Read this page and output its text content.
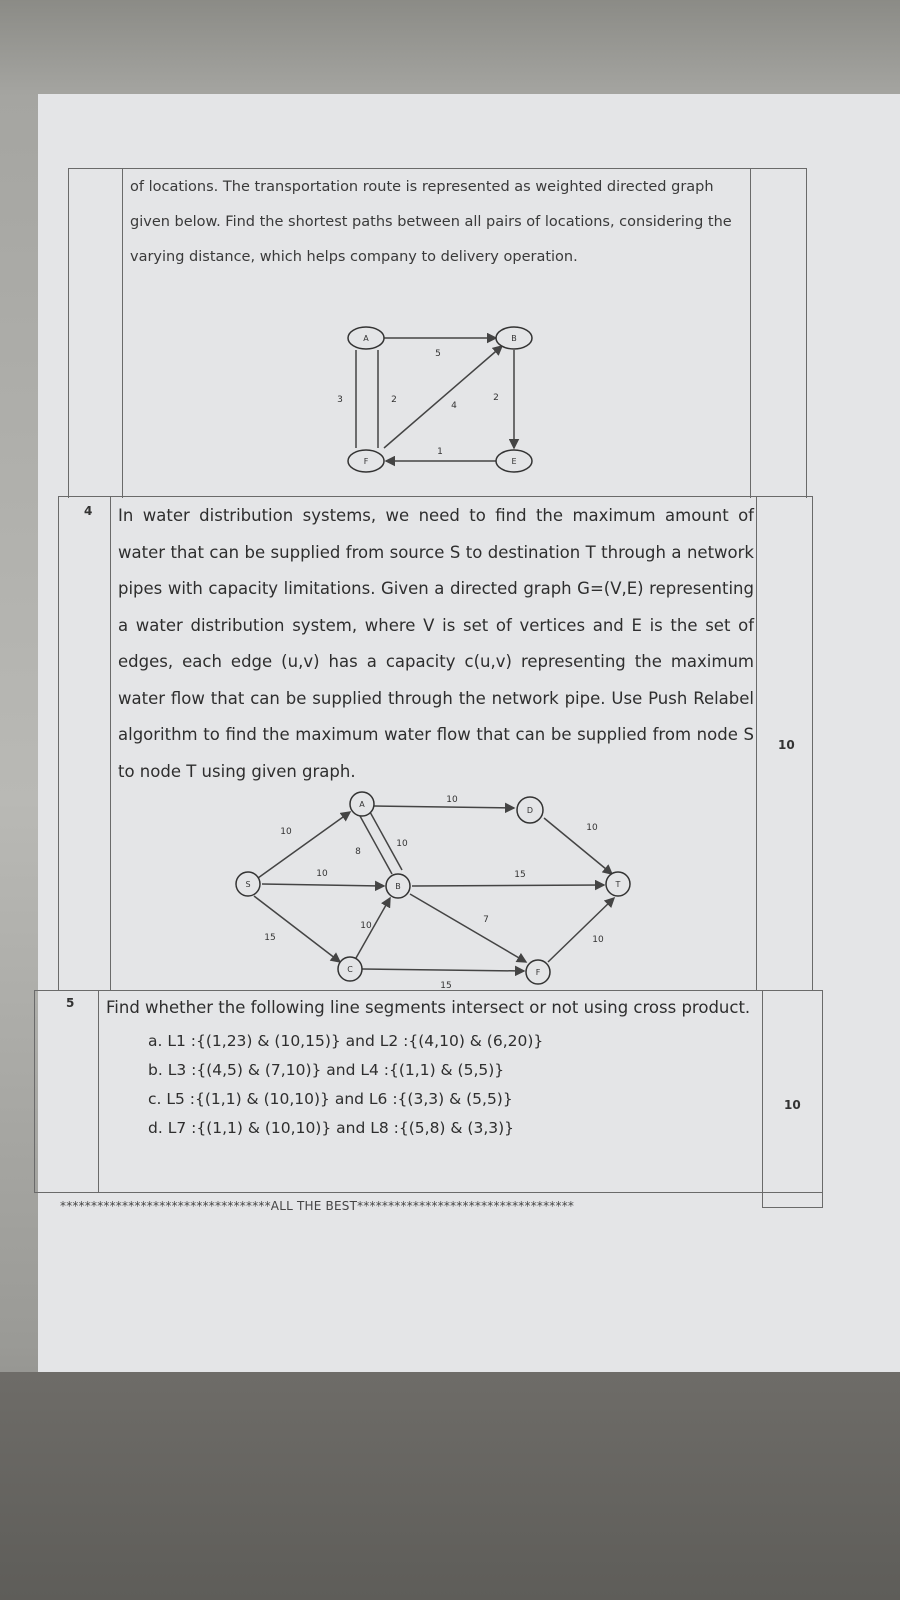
of locations. The transportation route is represented as weighted directed graph given below. Find the shortest paths between all pairs of locations, considering the varying distance, which helps company to delivery operation.
A	B
F	E
5
3	2
4
2
1
4 In water distribution systems, we need to find the maximum amount of water that can be supplied from source S to destination T through a network pipes with capacity limitations. Given a directed graph G=(V,E) representing a water distribution system, where V is set of vertices and E is the set of edges, each edge (u,v) has a capacity c(u,v) representing the maximum water flow that can be supplied through the network pipe. Use Push Relabel algorithm to find the maximum water flow that can be supplied from node S to node T using given graph.
10
S
A
B
C
D
F
T
10
10	10
8
10
10	15
15
10
7
10
15
5 Find whether the following line segments intersect or not using cross product.
a. L1 :{(1,23) & (10,15)} and L2 :{(4,10) & (6,20)}
b. L3 :{(4,5) & (7,10)} and L4 :{(1,1) & (5,5)}
c. L5 :{(1,1) & (10,10)} and L6 :{(3,3) & (5,5)}
d. L7 :{(1,1) & (10,10)} and L8 :{(5,8) & (3,3)}
10
**********************************ALL THE BEST***********************************
